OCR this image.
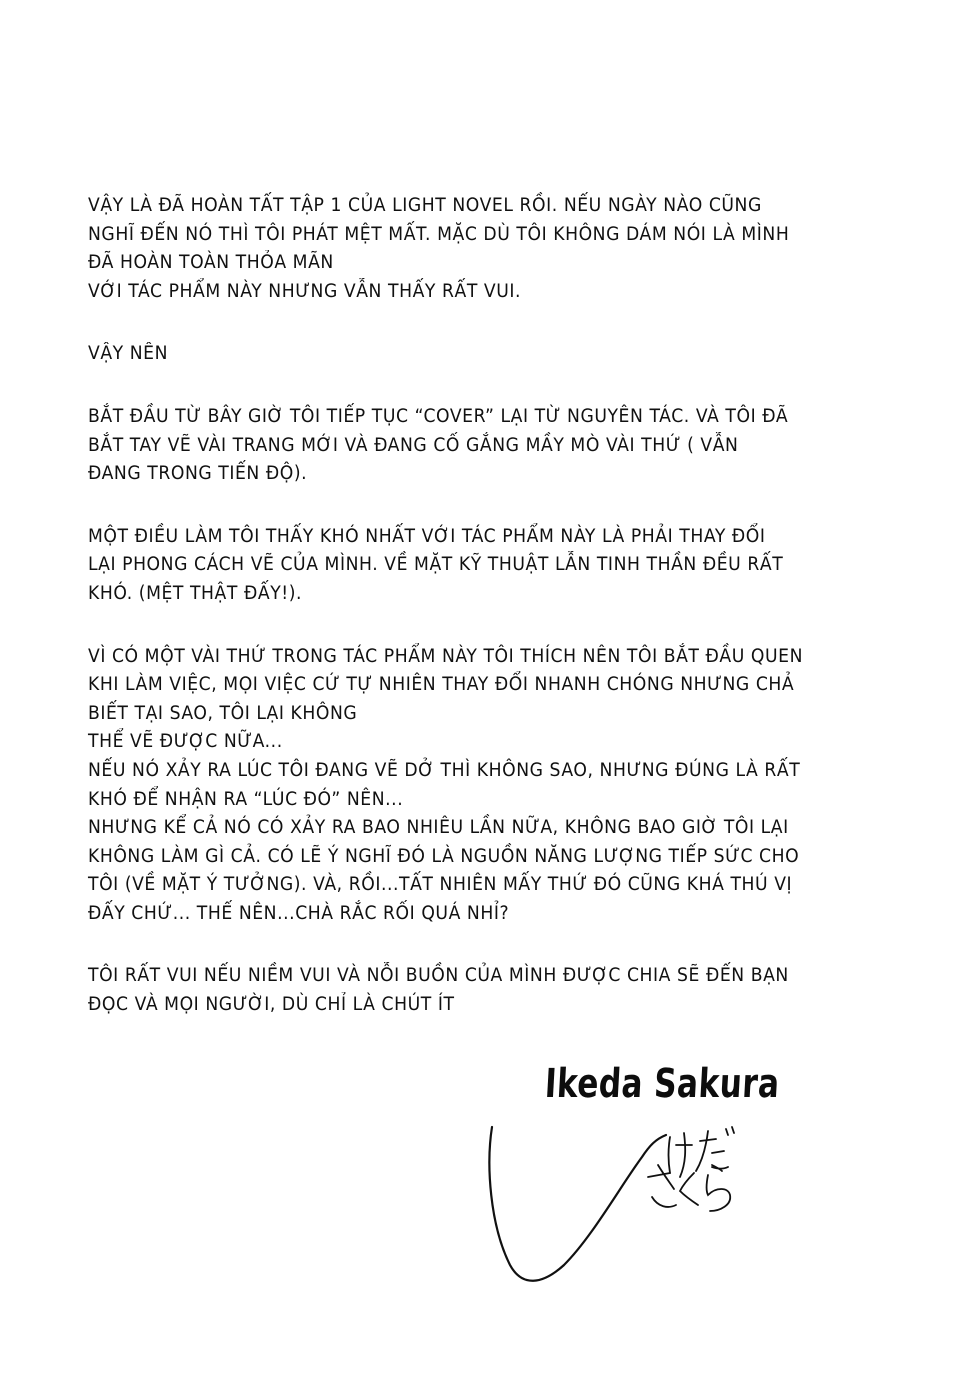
VẬY LÀ ĐÃ HOÀN TẤT TẬP 1 CỦA LIGHT NOVEL RỒI. NẾU NGÀY NÀO CŨNG
NGHĨ ĐẾN NÓ THÌ TÔI PHÁT MỆT MẤT. MẶC DÙ TÔI KHÔNG DÁM NÓI LÀ MÌNH
ĐÃ HOÀN TOÀN THỎA MÃN
VỚI TÁC PHẨM NÀY NHƯNG VẪN THẤY RẤT VUI.
VẬY NÊN
BẮT ĐẦU TỪ BÂY GIỜ TÔI TIẾP TỤC “COVER” LẠI TỪ NGUYÊN TÁC. VÀ TÔI ĐÃ
BẮT TAY VẼ VÀI TRANG MỚI VÀ ĐANG CỐ GẮNG MẦY MÒ VÀI THỨ ( VẪN
ĐANG TRONG TIẾN ĐỘ).
MỘT ĐIỀU LÀM TÔI THẤY KHÓ NHẤT VỚI TÁC PHẨM NÀY LÀ PHẢI THAY ĐỔI
LẠI PHONG CÁCH VẼ CỦA MÌNH. VỀ MẶT KỸ THUẬT LẪN TINH THẦN ĐỀU RẤT
KHÓ. (MỆT THẬT ĐẤY!).
VÌ CÓ MỘT VÀI THỨ TRONG TÁC PHẨM NÀY TÔI THÍCH NÊN TÔI BẮT ĐẦU QUEN
KHI LÀM VIỆC, MỌI VIỆC CỨ TỰ NHIÊN THAY ĐỔI NHANH CHÓNG NHƯNG CHẢ
BIẾT TẠI SAO, TÔI LẠI KHÔNG
THỂ VẼ ĐƯỢC NỮA...
NẾU NÓ XẢY RA LÚC TÔI ĐANG VẼ DỞ THÌ KHÔNG SAO, NHƯNG ĐÚNG LÀ RẤT
KHÓ ĐỂ NHẬN RA “LÚC ĐÓ” NÊN...
NHƯNG KỂ CẢ NÓ CÓ XẢY RA BAO NHIÊU LẦN NỮA, KHÔNG BAO GIỜ TÔI LẠI
KHÔNG LÀM GÌ CẢ. CÓ LẼ Ý NGHĨ ĐÓ LÀ NGUỒN NĂNG LƯỢNG TIẾP SỨC CHO
TÔI (VỀ MẶT Ý TƯỞNG). VÀ, RỒI...TẤT NHIÊN MẤY THỨ ĐÓ CŨNG KHÁ THÚ VỊ
ĐẤY CHỨ... THẾ NÊN...CHÀ RẮC RỐI QUÁ NHỈ?
TÔI RẤT VUI NẾU NIỀM VUI VÀ NỖI BUỒN CỦA MÌNH ĐƯỢC CHIA SẼ ĐẾN BẠN
ĐỌC VÀ MỌI NGƯỜI, DÙ CHỈ LÀ CHÚT ÍT
Ikeda Sakura
